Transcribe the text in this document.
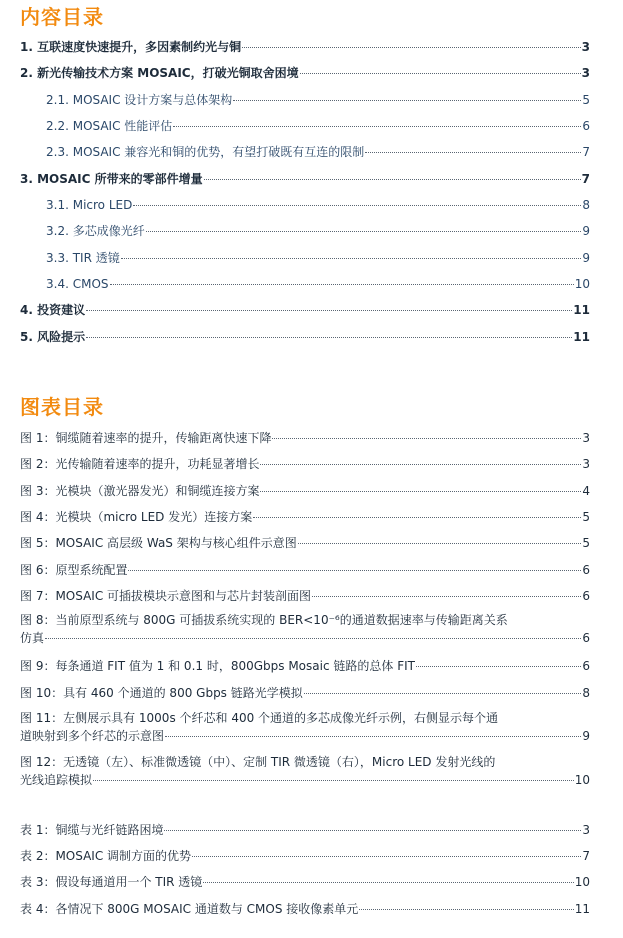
内容目录
1. 互联速度快速提升，多因素制约光与铜	3
2. 新光传输技术方案 MOSAIC，打破光铜取舍困境	3
2.1. MOSAIC 设计方案与总体架构	5
2.2. MOSAIC 性能评估	6
2.3. MOSAIC 兼容光和铜的优势，有望打破既有互连的限制	7
3. MOSAIC 所带来的零部件增量	7
3.1. Micro LED	8
3.2. 多芯成像光纤	9
3.3. TIR 透镜	9
3.4. CMOS	10
4. 投资建议	11
5. 风险提示	11
图表目录
图 1：铜缆随着速率的提升，传输距离快速下降	3
图 2：光传输随着速率的提升，功耗显著增长	3
图 3：光模块（激光器发光）和铜缆连接方案	4
图 4：光模块（micro LED 发光）连接方案	5
图 5：MOSAIC 高层级 WaS 架构与核心组件示意图	5
图 6：原型系统配置	6
图 7：MOSAIC 可插拔模块示意图和与芯片封装剖面图	6
图 8：当前原型系统与 800G 可插拔系统实现的 BER<10⁻⁶的通道数据速率与传输距离关系
仿真	6
图 9：每条通道 FIT 值为 1 和 0.1 时，800Gbps Mosaic 链路的总体 FIT	6
图 10：具有 460 个通道的 800 Gbps 链路光学模拟	8
图 11：左侧展示具有 1000s 个纤芯和 400 个通道的多芯成像光纤示例，右侧显示每个通
道映射到多个纤芯的示意图	9
图 12：无透镜（左）、标准微透镜（中）、定制 TIR 微透镜（右），Micro LED 发射光线的
光线追踪模拟	10
表 1：铜缆与光纤链路困境	3
表 2：MOSAIC 调制方面的优势	7
表 3：假设每通道用一个 TIR 透镜	10
表 4：各情况下 800G MOSAIC 通道数与 CMOS 接收像素单元	11
